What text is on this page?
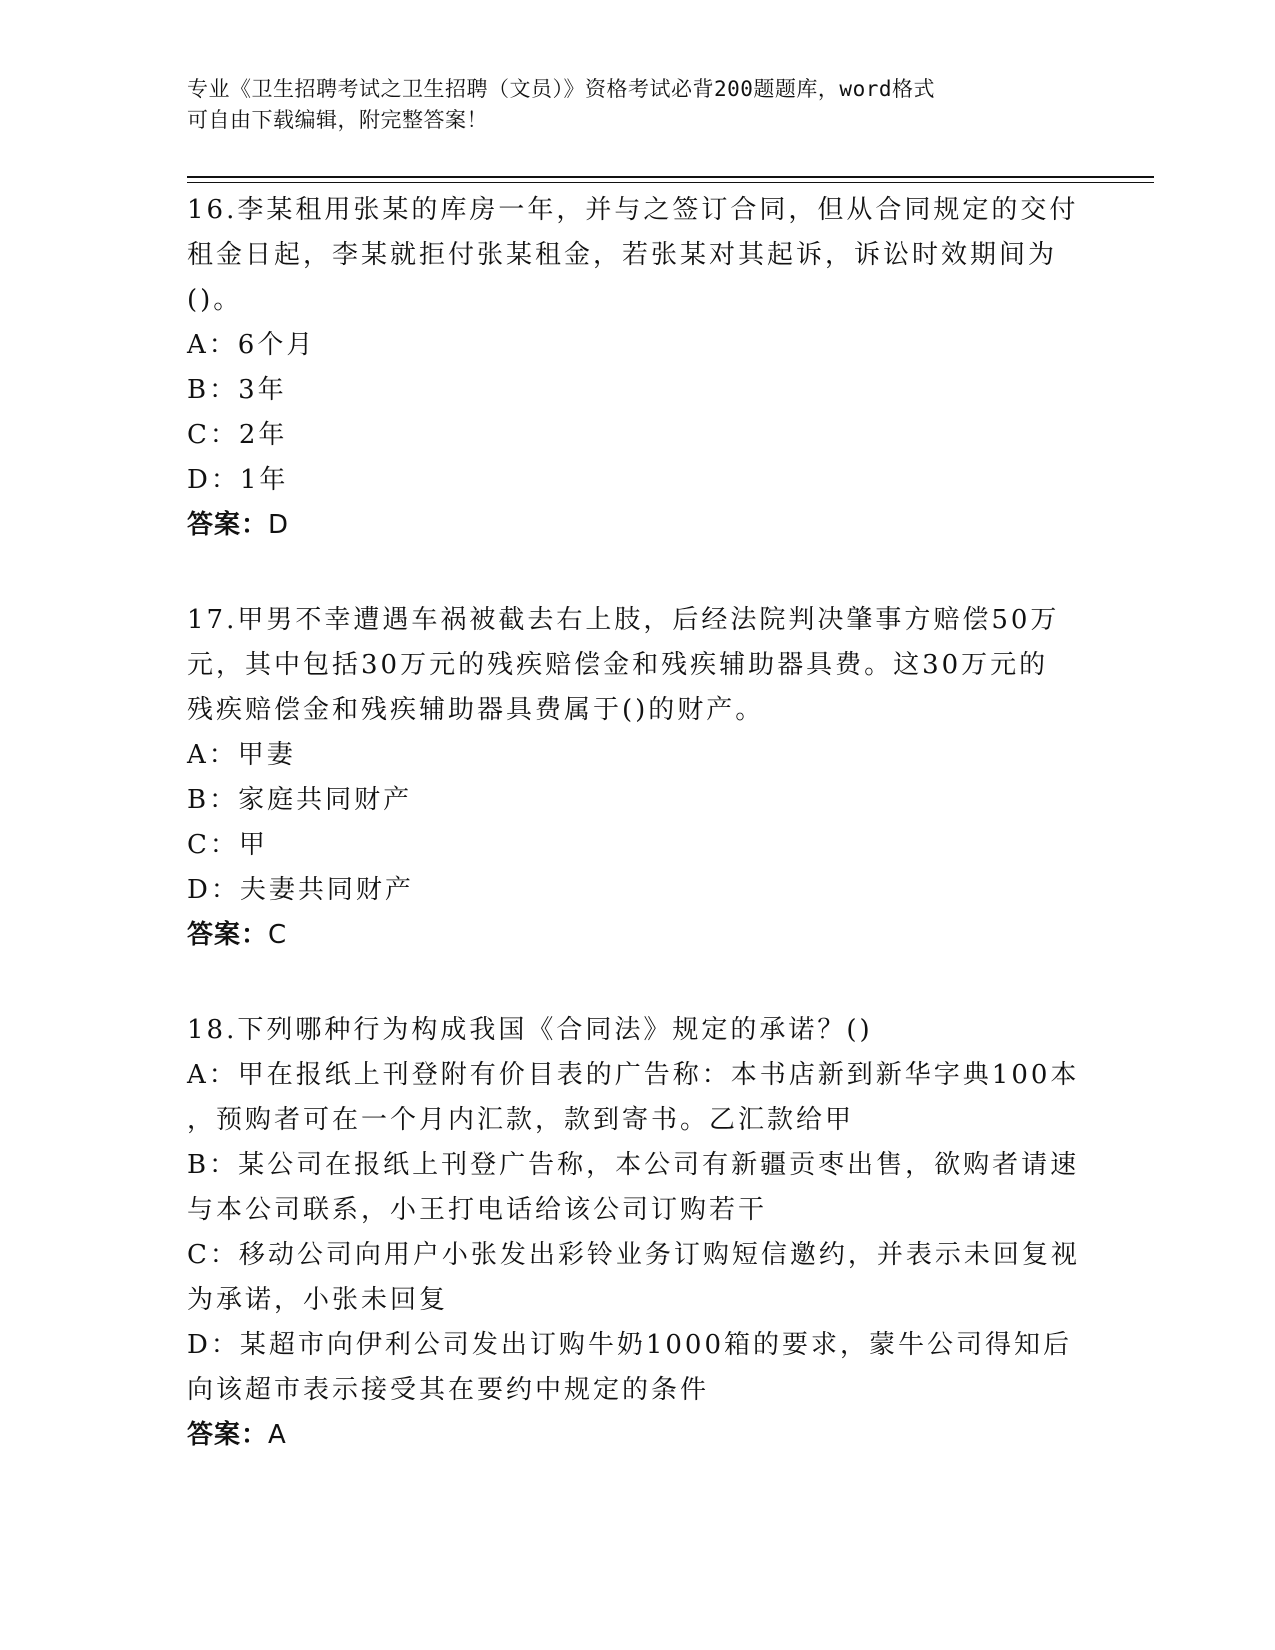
专业《卫生招聘考试之卫生招聘（文员）》资格考试必背200题题库，word格式
可自由下载编辑，附完整答案！
16.李某租用张某的库房一年，并与之签订合同，但从合同规定的交付
租金日起，李某就拒付张某租金，若张某对其起诉，诉讼时效期间为
()。
A：6个月
B：3年
C：2年
D：1年
答案：D
17.甲男不幸遭遇车祸被截去右上肢，后经法院判决肇事方赔偿50万
元，其中包括30万元的残疾赔偿金和残疾辅助器具费。这30万元的
残疾赔偿金和残疾辅助器具费属于()的财产。
A：甲妻
B：家庭共同财产
C：甲
D：夫妻共同财产
答案：C
18.下列哪种行为构成我国《合同法》规定的承诺？()
A：甲在报纸上刊登附有价目表的广告称：本书店新到新华字典100本
，预购者可在一个月内汇款，款到寄书。乙汇款给甲
B：某公司在报纸上刊登广告称，本公司有新疆贡枣出售，欲购者请速
与本公司联系，小王打电话给该公司订购若干
C：移动公司向用户小张发出彩铃业务订购短信邀约，并表示未回复视
为承诺，小张未回复
D：某超市向伊利公司发出订购牛奶1000箱的要求，蒙牛公司得知后
向该超市表示接受其在要约中规定的条件
答案：A
